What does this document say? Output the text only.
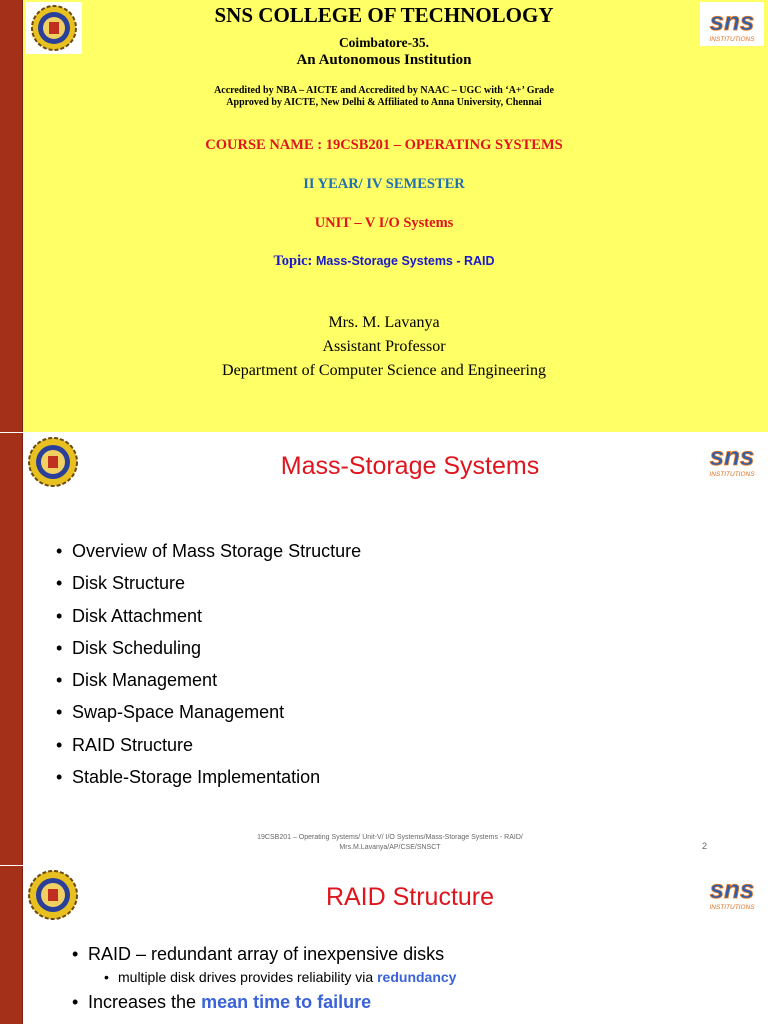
sns
INSTITUTIONS
SNS COLLEGE OF TECHNOLOGY
Coimbatore-35.
An Autonomous Institution
Accredited by NBA – AICTE and Accredited by NAAC – UGC with ‘A+’ Grade
Approved by AICTE, New Delhi & Affiliated to Anna University, Chennai
COURSE NAME : 19CSB201 – OPERATING SYSTEMS
II YEAR/ IV SEMESTER
UNIT – V I/O Systems
Topic: Mass-Storage Systems - RAID
Mrs. M. Lavanya
Assistant Professor
Department of Computer Science and Engineering
sns
INSTITUTIONS
Mass-Storage Systems
• Overview of Mass Storage Structure
• Disk Structure
• Disk Attachment
• Disk Scheduling
• Disk Management
• Swap-Space Management
• RAID Structure
• Stable-Storage Implementation
19CSB201 – Operating Systems/ Unit-V/ I/O Systems/Mass-Storage Systems - RAID/
Mrs.M.Lavanya/AP/CSE/SNSCT	2
sns
INSTITUTIONS
RAID Structure
• RAID – redundant array of inexpensive disks
• multiple disk drives provides reliability via redundancy
• Increases the mean time to failure
